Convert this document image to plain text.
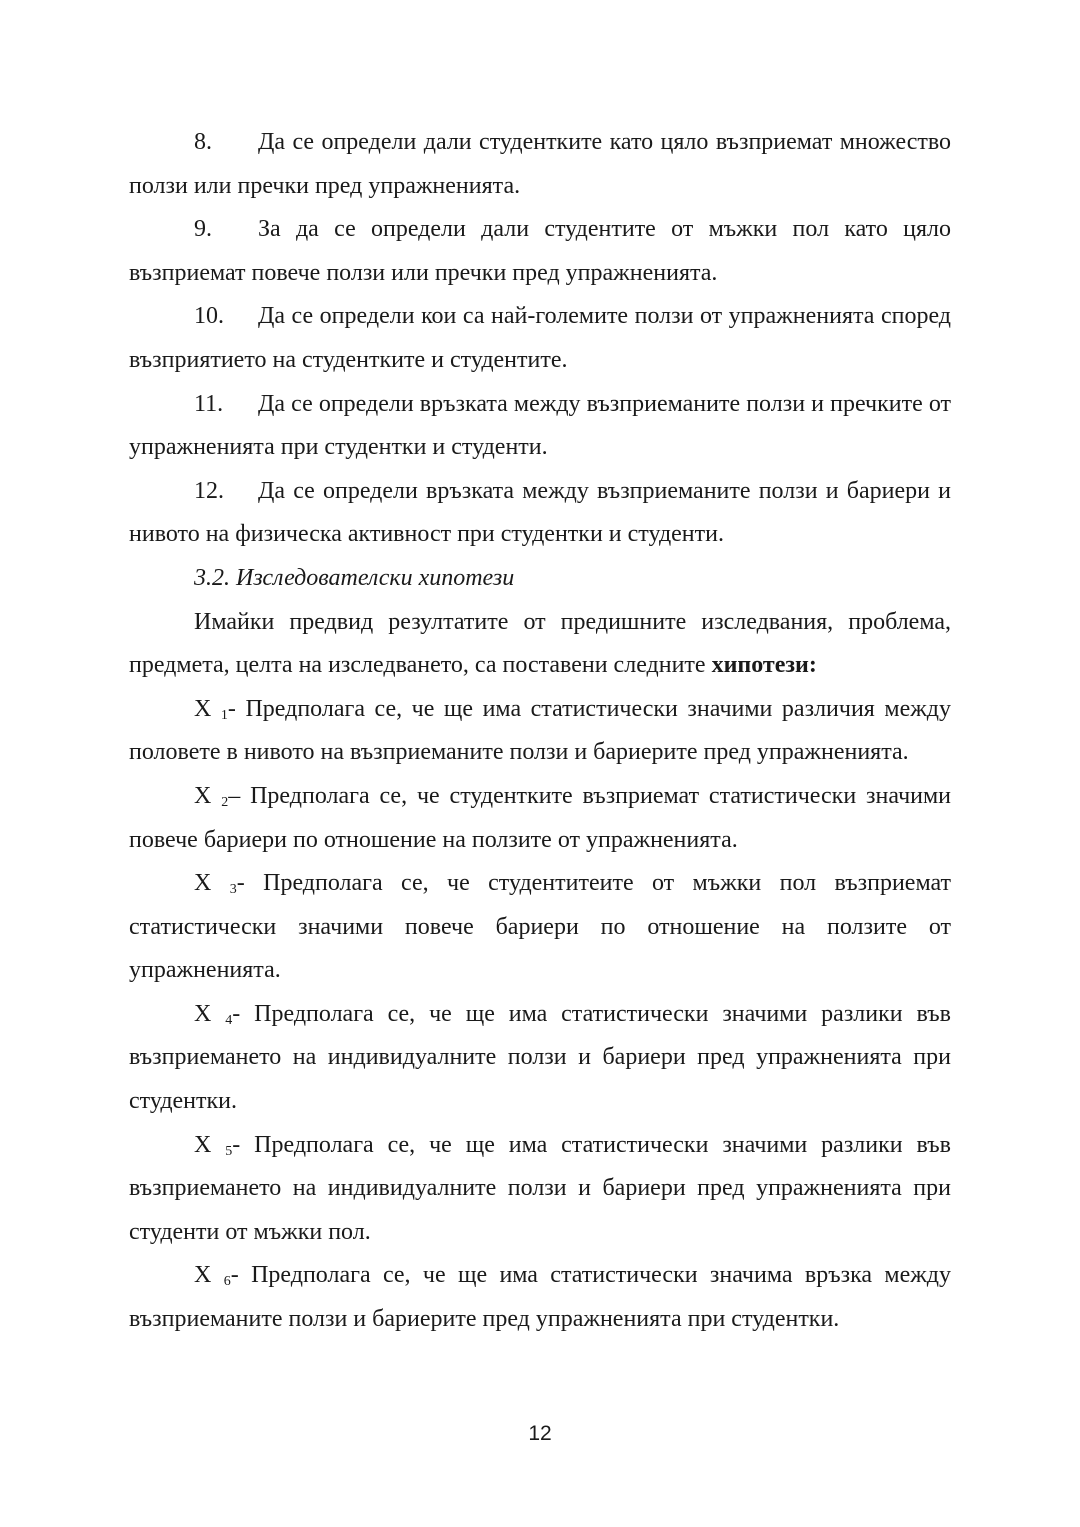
8. Да се определи дали студентките като цяло възприемат множество ползи или пречки пред упражненията.

9. За да се определи дали студентите от мъжки пол като цяло възприемат повече ползи или пречки пред упражненията.

10. Да се определи кои са най-големите ползи от упражненията според възприятието на студентките и студентите.

11. Да се определи връзката между възприеманите ползи и пречките от упражненията при студентки и студенти.

12. Да се определи връзката между възприеманите ползи и бариери и нивото на физическа активност при студентки и студенти.

3.2. Изследователски хипотези

Имайки предвид резултатите от предишните изследвания, проблема, предмета, целта на изследването, са поставени следните хипотези:

Х $_1$- Предполага се, че ще има статистически значими различия между половете в нивото на възприеманите ползи и бариерите пред упражненията.

Х $_2$– Предполага се, че студентките възприемат статистически значими повече бариери по отношение на ползите от упражненията.

Х $_3$- Предполага се, че студентитеите от мъжки пол възприемат статистически значими повече бариери по отношение на ползите от упражненията.

Х $_4$- Предполага се, че ще има статистически значими разлики във възприемането на индивидуалните ползи и бариери пред упражненията при студентки.

Х $_5$- Предполага се, че ще има статистически значими разлики във възприемането на индивидуалните ползи и бариери пред упражненията при студенти от мъжки пол.

Х $_6$- Предполага се, че ще има статистически значима връзка между възприеманите ползи и бариерите пред упражненията при студентки.

12
